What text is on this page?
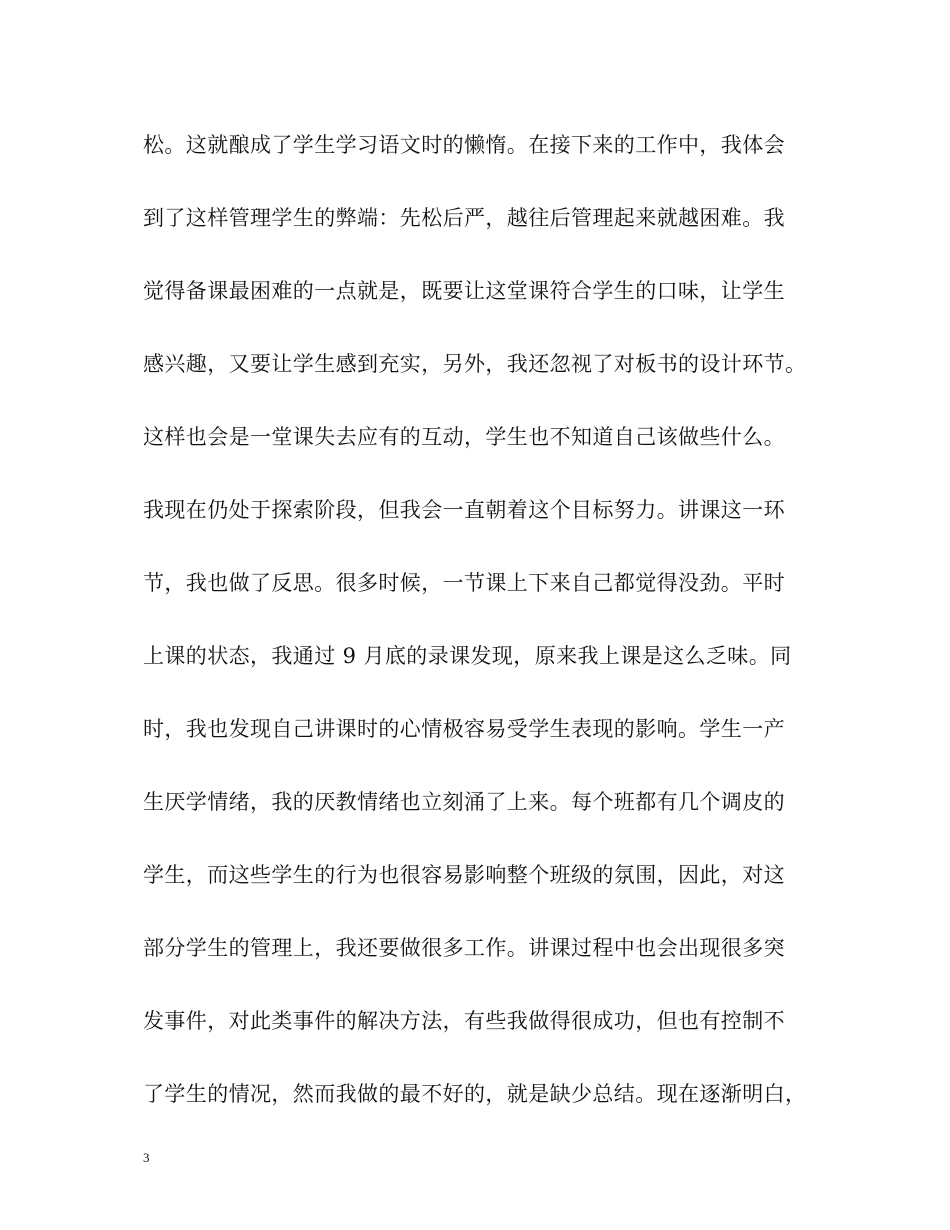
松。这就酿成了学生学习语文时的懒惰。在接下来的工作中，我体会

到了这样管理学生的弊端：先松后严，越往后管理起来就越困难。我

觉得备课最困难的一点就是，既要让这堂课符合学生的口味，让学生

感兴趣，又要让学生感到充实，另外，我还忽视了对板书的设计环节。

这样也会是一堂课失去应有的互动，学生也不知道自己该做些什么。

我现在仍处于探索阶段，但我会一直朝着这个目标努力。讲课这一环

节，我也做了反思。很多时候，一节课上下来自己都觉得没劲。平时

上课的状态，我通过 9 月底的录课发现，原来我上课是这么乏味。同

时，我也发现自己讲课时的心情极容易受学生表现的影响。学生一产

生厌学情绪，我的厌教情绪也立刻涌了上来。每个班都有几个调皮的

学生，而这些学生的行为也很容易影响整个班级的氛围，因此，对这

部分学生的管理上，我还要做很多工作。讲课过程中也会出现很多突

发事件，对此类事件的解决方法，有些我做得很成功，但也有控制不

了学生的情况，然而我做的最不好的，就是缺少总结。现在逐渐明白，

3
